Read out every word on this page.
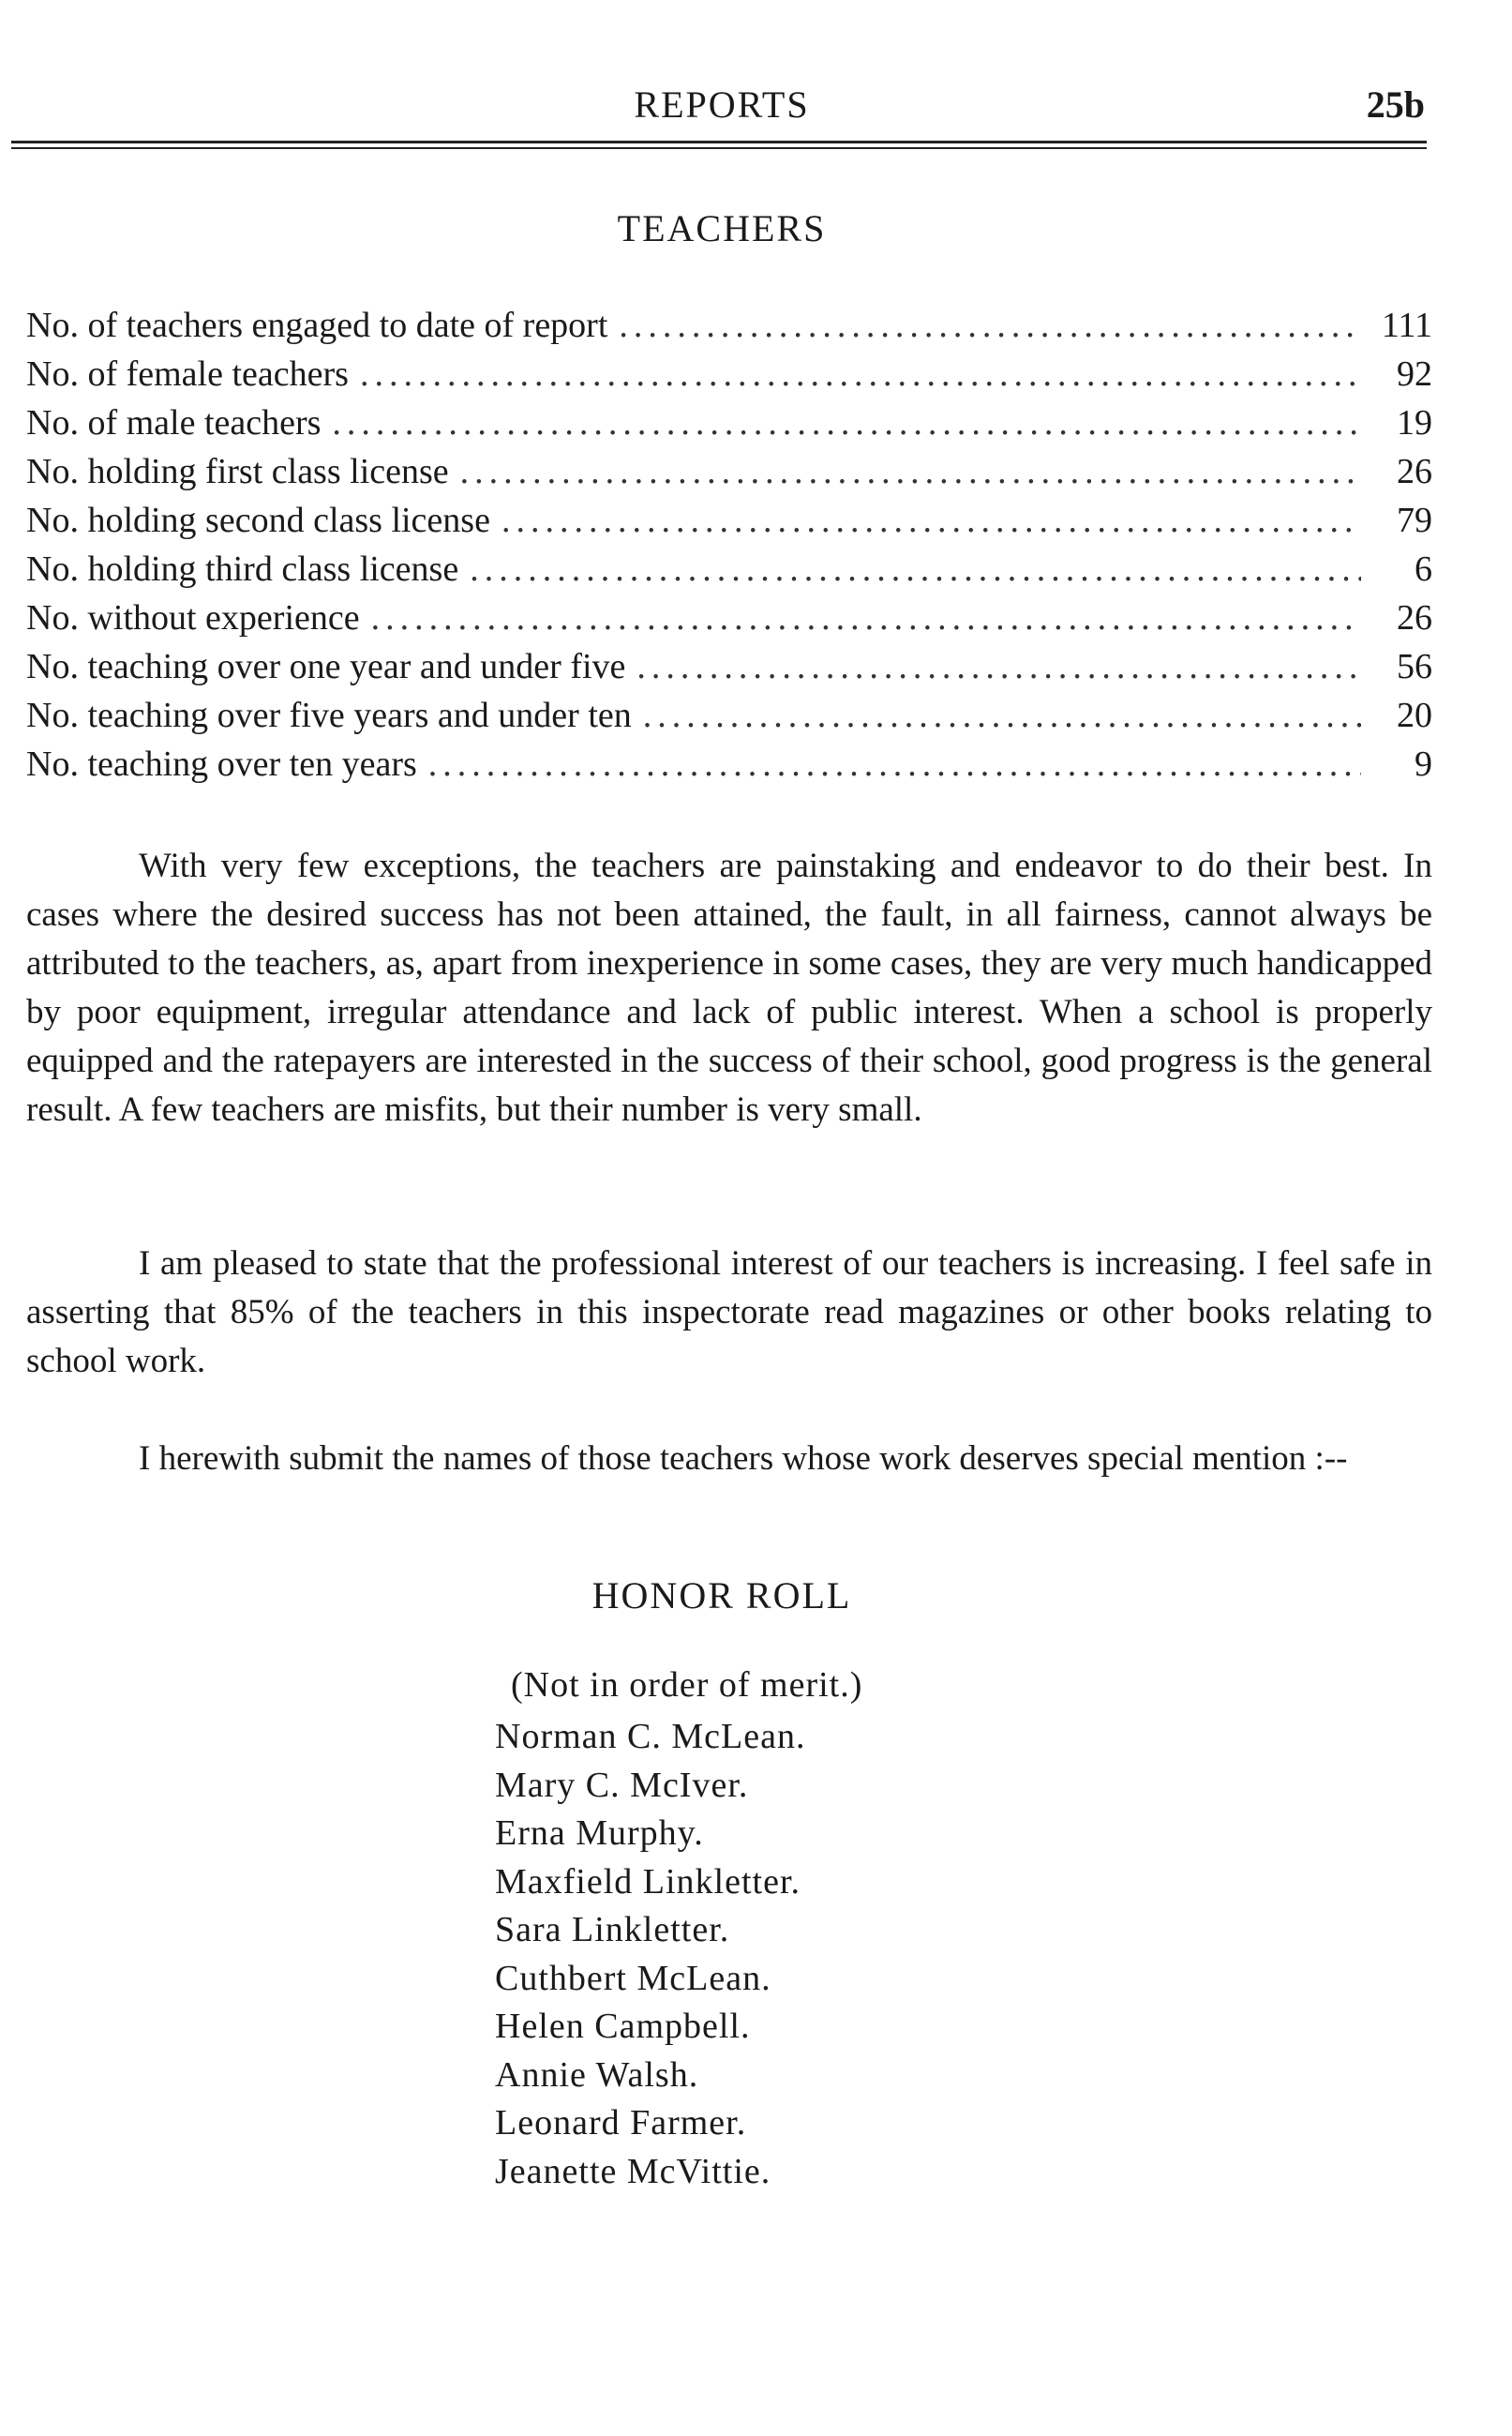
REPORTS	25b
TEACHERS
No. of teachers engaged to date of report .....	111
No. of female teachers .....	92
No. of male teachers .....	19
No. holding first class license .....	26
No. holding second class license .....	79
No. holding third class license .....	6
No. without experience .....	26
No. teaching over one year and under five .....	56
No. teaching over five years and under ten .....	20
No. teaching over ten years .....	9

With very few exceptions, the teachers are painstaking and endeavor to do their best. In cases where the desired success has not been attained, the fault, in all fairness, cannot always be attributed to the teachers, as, apart from inexperience in some cases, they are very much handicapped by poor equipment, irregular attendance and lack of public interest. When a school is properly equipped and the ratepayers are interested in the success of their school, good progress is the general result. A few teachers are misfits, but their number is very small.

I am pleased to state that the professional interest of our teachers is increasing. I feel safe in asserting that 85% of the teachers in this inspectorate read magazines or other books relating to school work.

I herewith submit the names of those teachers whose work deserves special mention :--

HONOR ROLL
(Not in order of merit.)
Norman C. McLean.
Mary C. McIver.
Erna Murphy.
Maxfield Linkletter.
Sara Linkletter.
Cuthbert McLean.
Helen Campbell.
Annie Walsh.
Leonard Farmer.
Jeanette McVittie.
